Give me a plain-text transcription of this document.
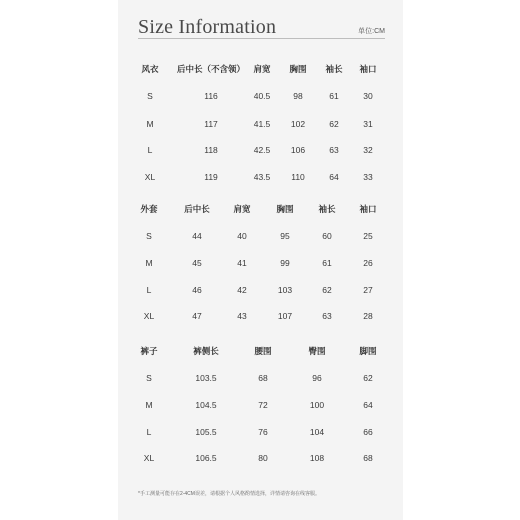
Size Information	单位:CM
风衣 后中长（不含领） 肩宽 胸围 袖长 袖口
S	116	40.5	98	61	30
M	117	41.5 102	62	31
L	118	42.5 106	63	32
XL	119	43.5 110	64	33
外套	后中长	肩宽	胸围	袖长	袖口
S	44	40	95	60	25
M	45	41	99	61	26
L	46	42	103	62	27
XL	47	43	107	63	28
裤子	裤侧长	腰围	臀围	脚围
S	103.5	68	96	62
M	104.5	72	100	64
L	105.5	76	104	66
XL	106.5	80	108	68
*手工测量可能存在2-4CM误差，请根据个人风格酌情选择，详情请咨询在线客服。
